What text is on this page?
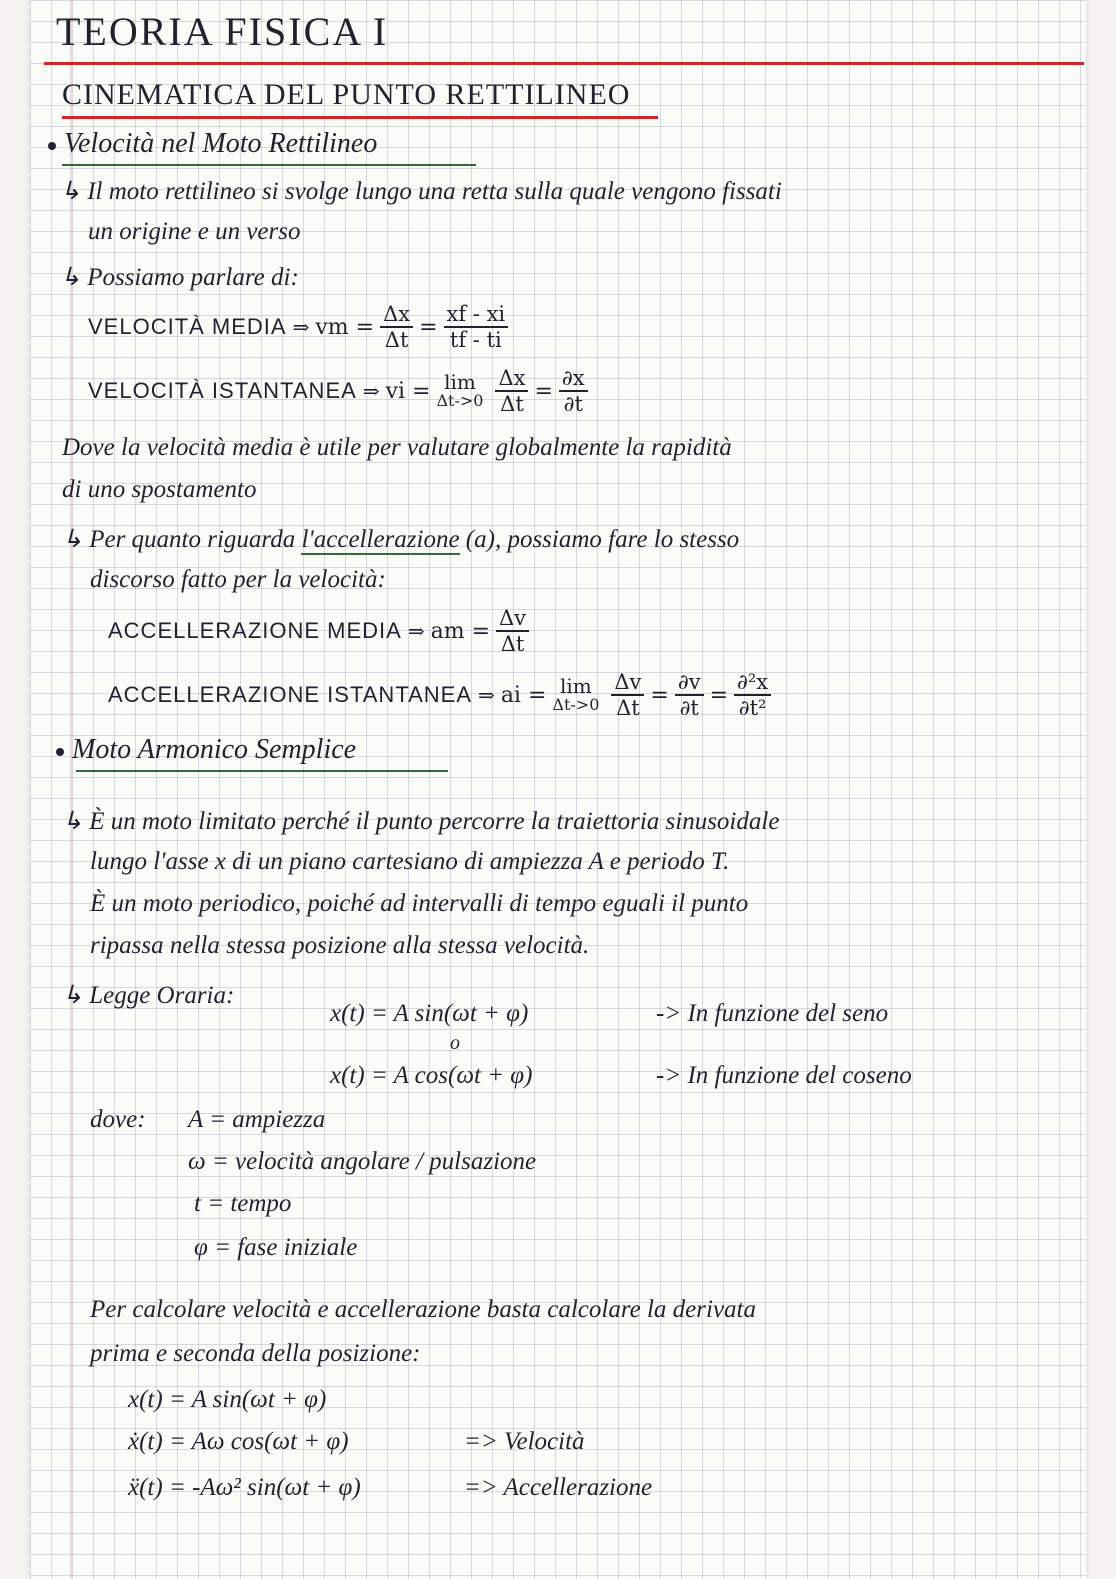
TEORIA FISICA I
CINEMATICA DEL PUNTO RETTILINEO
Velocità nel Moto Rettilineo
↳ Il moto rettilineo si svolge lungo una retta sulla quale vengono fissati
un origine e un verso
↳ Possiamo parlare di:
VELOCITÀ MEDIA ⇒ vm = $\frac{\Delta x}{\Delta t} = \frac{xf - xi}{tf - ti}$
VELOCITÀ ISTANTANEA ⇒ vi = lim
$\Delta t->0 \frac{\Delta x}{\Delta t} = \frac{\partial x}{\partial t}$
Dove la velocità media è utile per valutare globalmente la rapidità
di uno spostamento
↳ Per quanto riguarda l'accellerazione (a), possiamo fare lo stesso
discorso fatto per la velocità:
ACCELLERAZIONE MEDIA ⇒ am = $\frac{\Delta v}{\Delta t}$
ACCELLERAZIONE ISTANTANEA ⇒ ai = lim
$\Delta t->0 \frac{\Delta v}{\Delta t} = \frac{\partial v}{\partial t} = \frac{\text{∂²x}}{\text{∂t²}}$
Moto Armonico Semplice
↳ È un moto limitato perché il punto percorre la traiettoria sinusoidale
lungo l'asse x di un piano cartesiano di ampiezza A e periodo T.
È un moto periodico, poiché ad intervalli di tempo eguali il punto
ripassa nella stessa posizione alla stessa velocità.
↳ Legge Oraria:
x(t) = A sin(ωt + φ)	-> In funzione del seno
o
x(t) = A cos(ωt + φ)	-> In funzione del coseno
dove: A = ampiezza
ω = velocità angolare / pulsazione
t = tempo
φ = fase iniziale
Per calcolare velocità e accellerazione basta calcolare la derivata
prima e seconda della posizione:
x(t) = A sin(ωt + φ)
ẋ(t) = Aω cos(ωt + φ)	=> Velocità
ẍ(t) = -Aω² sin(ωt + φ)	=> Accellerazione
